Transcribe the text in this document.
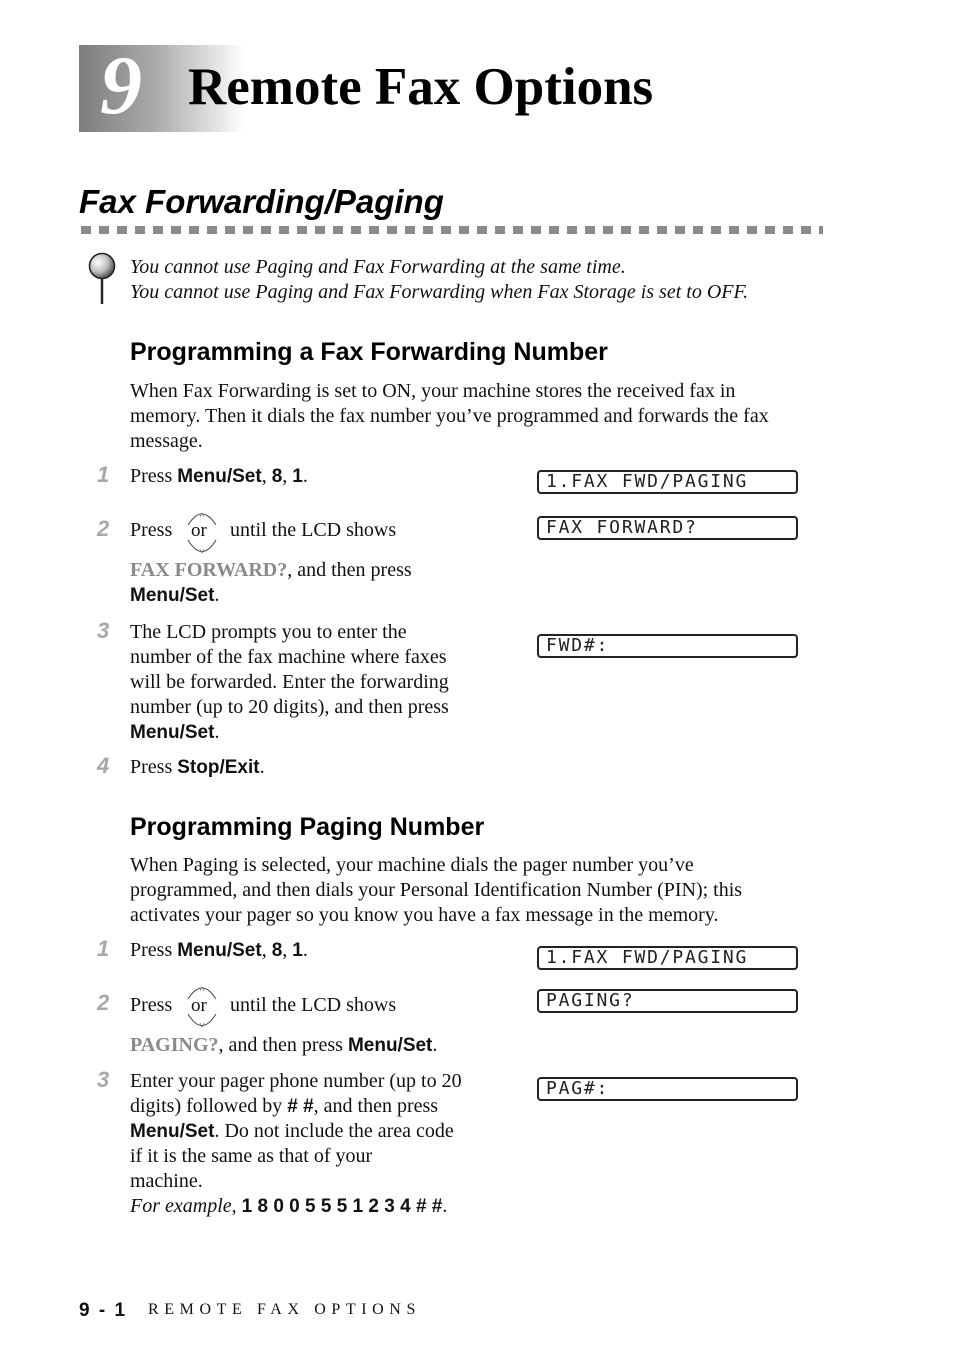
9 Remote Fax Options
Fax Forwarding/Paging
You cannot use Paging and Fax Forwarding at the same time.
You cannot use Paging and Fax Forwarding when Fax Storage is set to OFF.
Programming a Fax Forwarding Number
When Fax Forwarding is set to ON, your machine stores the received fax in
memory. Then it dials the fax number you’ve programmed and forwards the fax
message.
1 Press Menu/Set, 8, 1.	1.FAX FWD/PAGING
2 Press or until the LCD shows
FAX FORWARD?, and then press
Menu/Set.
FAX FORWARD?
3 The LCD prompts you to enter the
number of the fax machine where faxes
will be forwarded. Enter the forwarding
number (up to 20 digits), and then press
Menu/Set.
FWD#:
4 Press Stop/Exit.
Programming Paging Number
When Paging is selected, your machine dials the pager number you’ve
programmed, and then dials your Personal Identification Number (PIN); this
activates your pager so you know you have a fax message in the memory.
1 Press Menu/Set, 8, 1.	1.FAX FWD/PAGING
2 Press or until the LCD shows
PAGING?, and then press Menu/Set.
PAGING?
3 Enter your pager phone number (up to 20
digits) followed by # #, and then press
Menu/Set. Do not include the area code
if it is the same as that of your
machine.
For example, 1 8 0 0 5 5 5 1 2 3 4 # #.
PAG#:
9 - 1 REMOTE FAX OPTIONS
